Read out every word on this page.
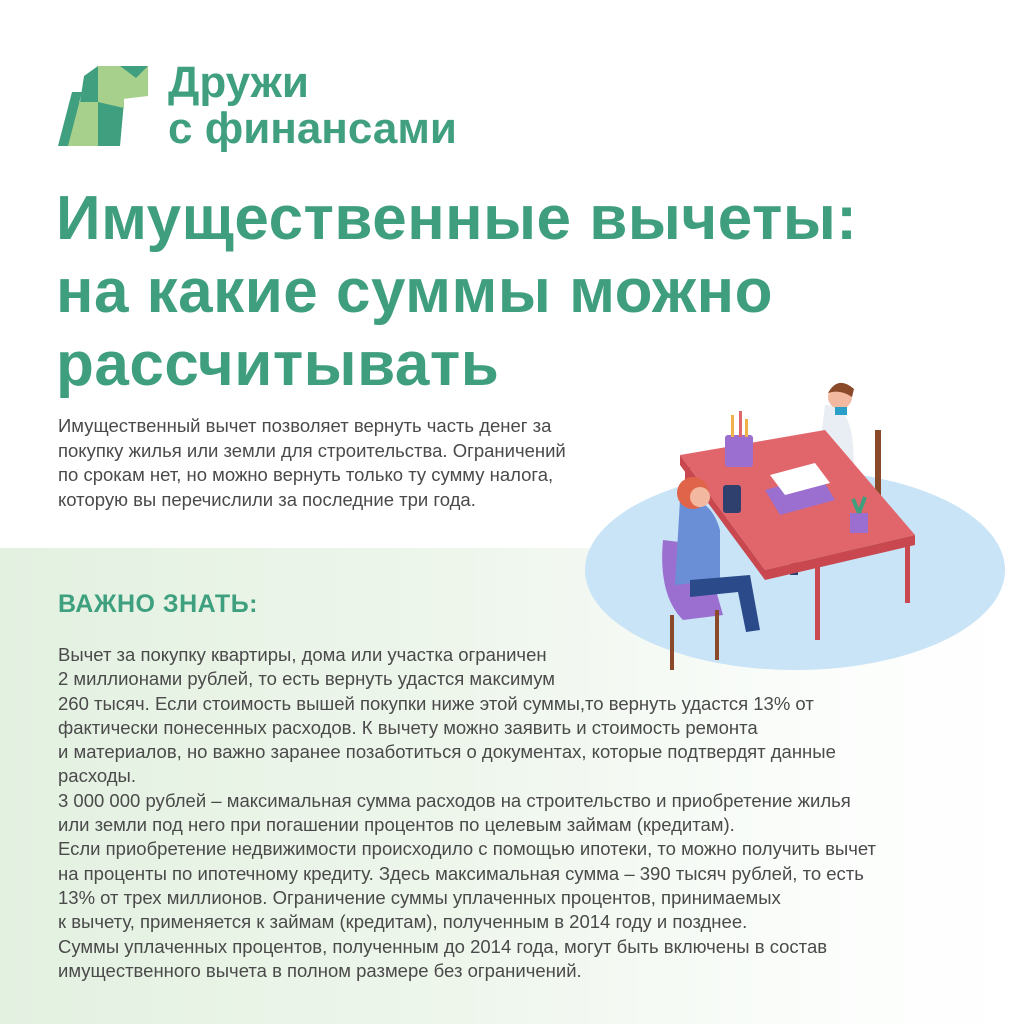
Дружи
с финансами
Имущественные вычеты:
на какие суммы можно
рассчитывать

Имущественный вычет позволяет вернуть часть денег за
покупку жилья или земли для строительства. Ограничений
по срокам нет, но можно вернуть только ту сумму налога,
которую вы перечислили за последние три года.

ВАЖНО ЗНАТЬ:
Вычет за покупку квартиры, дома или участка ограничен
2 миллионами рублей, то есть вернуть удастся максимум
260 тысяч. Если стоимость вышей покупки ниже этой суммы,то вернуть удастся 13% от
фактически понесенных расходов. К вычету можно заявить и стоимость ремонта
и материалов, но важно заранее позаботиться о документах, которые подтвердят данные
расходы.
3 000 000 рублей – максимальная сумма расходов на строительство и приобретение жилья
или земли под него при погашении процентов по целевым займам (кредитам).
Если приобретение недвижимости происходило с помощью ипотеки, то можно получить вычет
на проценты по ипотечному кредиту. Здесь максимальная сумма – 390 тысяч рублей, то есть
13% от трех миллионов. Ограничение суммы уплаченных процентов, принимаемых
к вычету, применяется к займам (кредитам), полученным в 2014 году и позднее.
Суммы уплаченных процентов, полученным до 2014 года, могут быть включены в состав
имущественного вычета в полном размере без ограничений.
